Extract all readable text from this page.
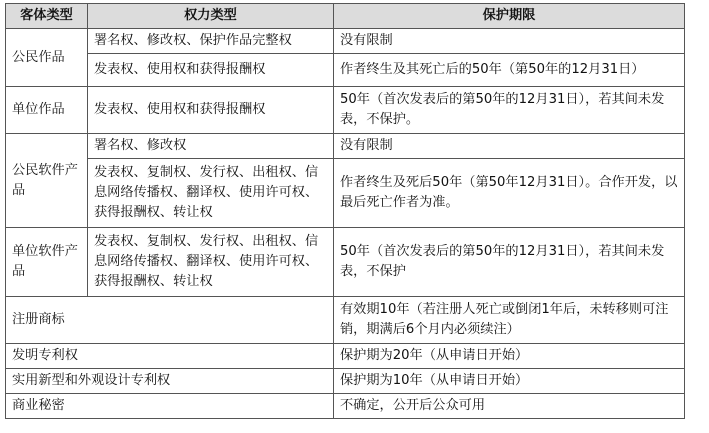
客体类型	权力类型	保护期限
公民作品	署名权、修改权、保护作品完整权	没有限制
	发表权、使用权和获得报酬权	作者终生及其死亡后的50年（第50年的12月31日）
单位作品	发表权、使用权和获得报酬权	50年（首次发表后的第50年的12月31日），若其间未发表，不保护。
公民软件产品	署名权、修改权	没有限制
	发表权、复制权、发行权、出租权、信息网络传播权、翻译权、使用许可权、获得报酬权、转让权	作者终生及死后50年（第50年12月31日）。合作开发，以最后死亡作者为准。
单位软件产品	发表权、复制权、发行权、出租权、信息网络传播权、翻译权、使用许可权、获得报酬权、转让权	50年（首次发表后的第50年的12月31日），若其间未发表，不保护
注册商标		有效期10年（若注册人死亡或倒闭1年后，未转移则可注销，期满后6个月内必须续注）
发明专利权		保护期为20年（从申请日开始）
实用新型和外观设计专利权		保护期为10年（从申请日开始）
商业秘密		不确定，公开后公众可用
